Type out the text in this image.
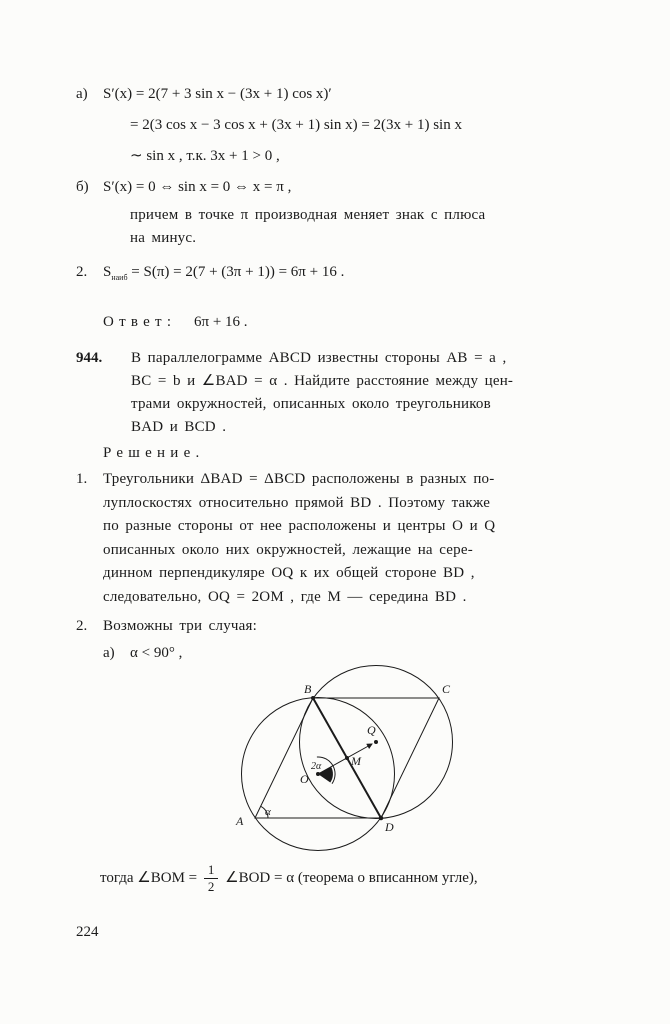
а)	S′(x) = 2(7 + 3 sin x − (3x + 1) cos x)′
= 2(3 cos x − 3 cos x + (3x + 1) sin x) = 2(3x + 1) sin x
∼ sin x , т.к. 3x + 1 > 0 ,
б) S′(x) = 0 ⇔ sin x = 0 ⇔ x = π ,
причем в точке π производная меняет знак с плюса
на минус.
2.	$S_{наиб} = S(\pi) = 2(7 + (3\pi + 1)) = 6\pi + 16$ .
Ответ: 6π + 16 .
944.	В параллелограмме ABCD известны стороны AB = a ,
BC = b и ∠BAD = α . Найдите расстояние между цен-
трами окружностей, описанных около треугольников
BAD и BCD .
Решение.
1.	Треугольники ΔBAD = ΔBCD расположены в разных по-
луплоскостях относительно прямой BD . Поэтому также
по разные стороны от нее расположены и центры O и Q
описанных около них окружностей, лежащие на сере-
динном перпендикуляре OQ к их общей стороне BD ,
следовательно, OQ = 2OM , где M — середина BD .
2.	Возможны три случая:
а)	α < 90° ,
B	C
A	D
O
Q
M
2α
α
тогда ∠BOM = $\frac{1}{2}$ ∠BOD = α (теорема о вписанном угле),
224
